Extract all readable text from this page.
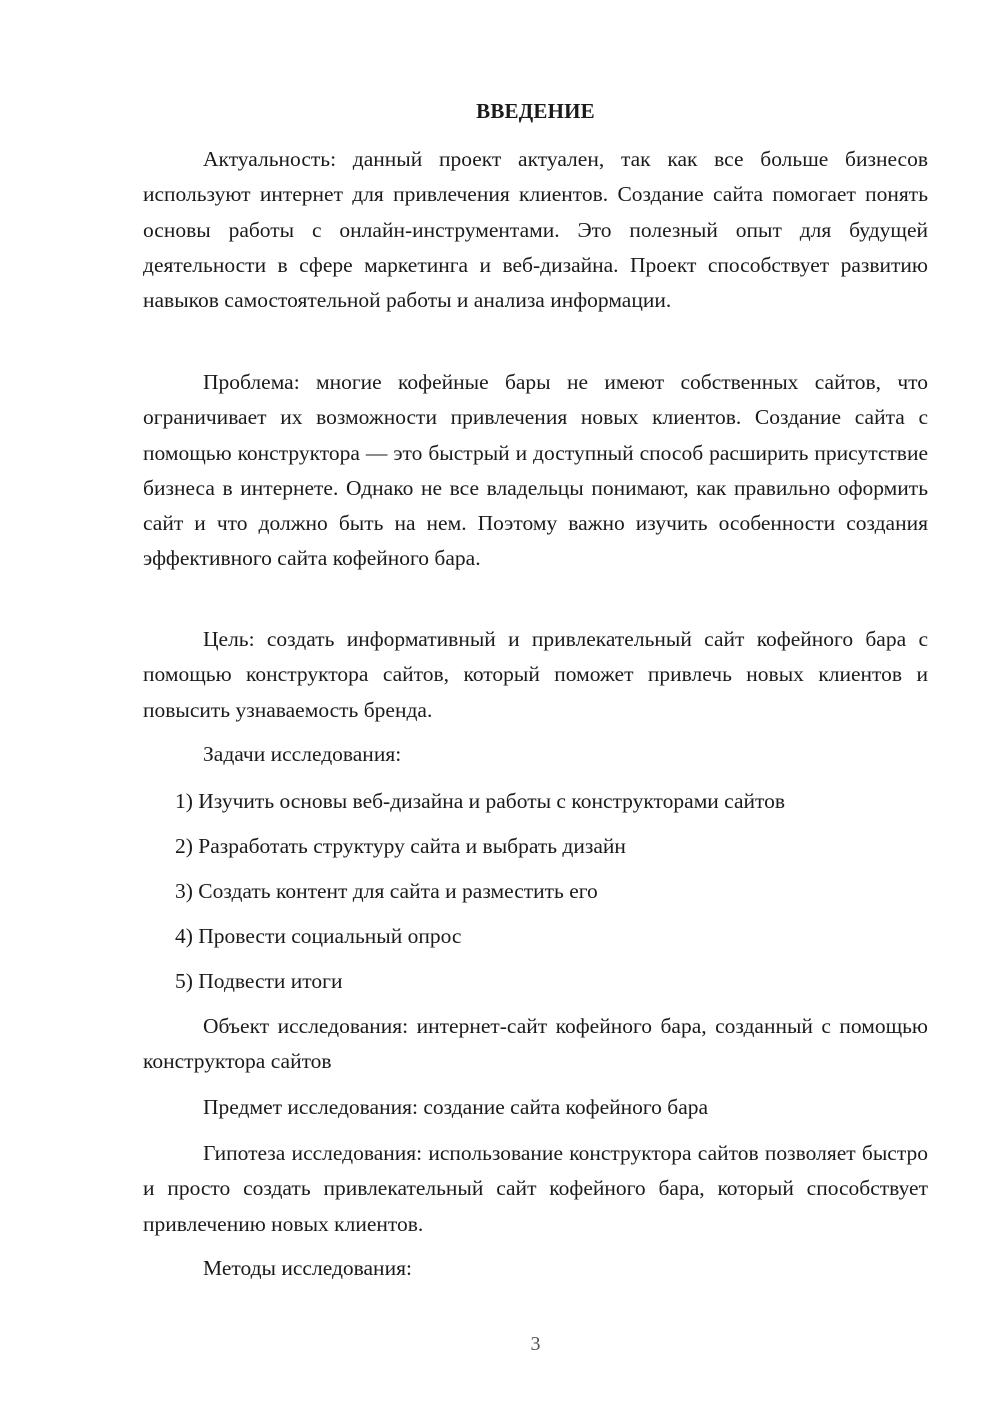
ВВЕДЕНИЕ

Актуальность: данный проект актуален, так как все больше бизнесов используют интернет для привлечения клиентов. Создание сайта помогает понять основы работы с онлайн-инструментами. Это полезный опыт для будущей деятельности в сфере маркетинга и веб-дизайна. Проект способствует развитию навыков самостоятельной работы и анализа информации.

Проблема: многие кофейные бары не имеют собственных сайтов, что ограничивает их возможности привлечения новых клиентов. Создание сайта с помощью конструктора — это быстрый и доступный способ расширить присутствие бизнеса в интернете. Однако не все владельцы понимают, как правильно оформить сайт и что должно быть на нем. Поэтому важно изучить особенности создания эффективного сайта кофейного бара.

Цель: создать информативный и привлекательный сайт кофейного бара с помощью конструктора сайтов, который поможет привлечь новых клиентов и повысить узнаваемость бренда.

Задачи исследования:

1) Изучить основы веб-дизайна и работы с конструкторами сайтов

2) Разработать структуру сайта и выбрать дизайн

3) Создать контент для сайта и разместить его

4) Провести социальный опрос

5) Подвести итоги

Объект исследования: интернет-сайт кофейного бара, созданный с помощью конструктора сайтов

Предмет исследования: создание сайта кофейного бара

Гипотеза исследования: использование конструктора сайтов позволяет быстро и просто создать привлекательный сайт кофейного бара, который способствует привлечению новых клиентов.

Методы исследования:

3
